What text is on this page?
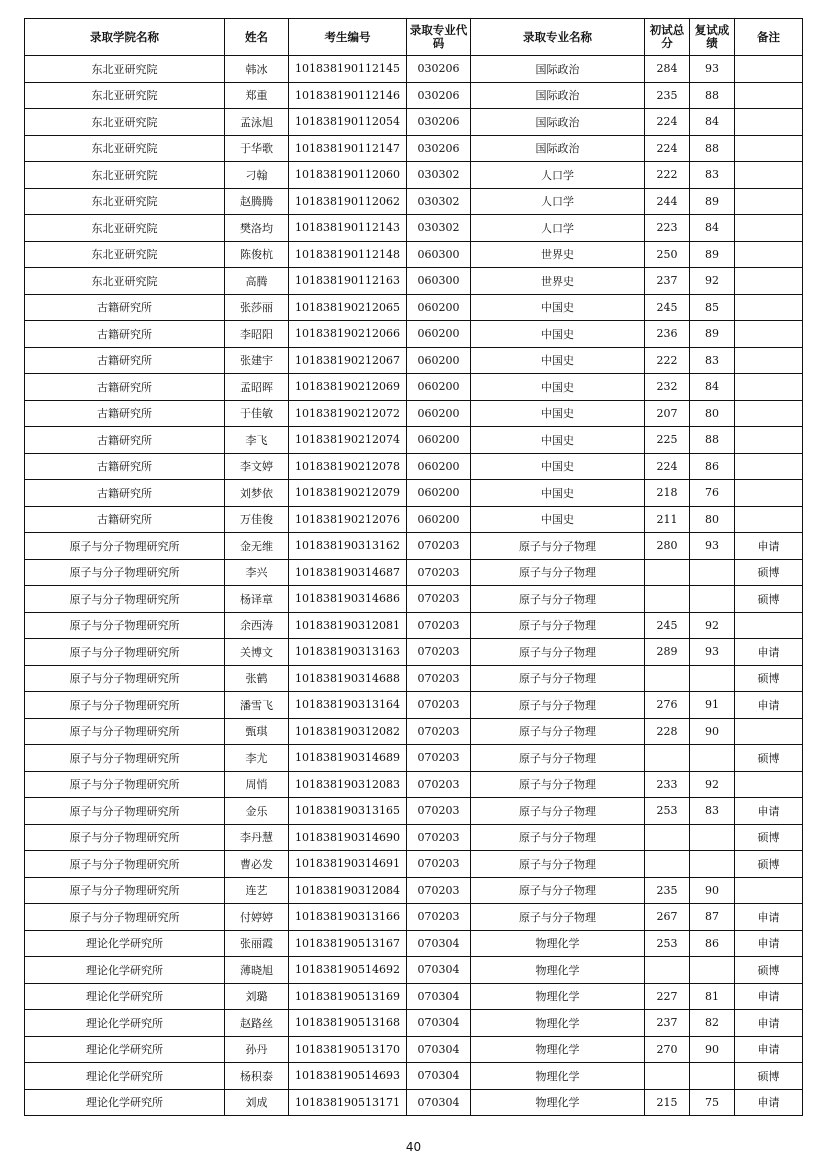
录取学院名称	姓名	考生编号	录取专业代码	录取专业名称	初试总分	复试成绩	备注
东北亚研究院	韩冰	101838190112145	030206	国际政治	284	93	
东北亚研究院	郑重	101838190112146	030206	国际政治	235	88	
东北亚研究院	孟泳旭	101838190112054	030206	国际政治	224	84	
东北亚研究院	于华歌	101838190112147	030206	国际政治	224	88	
东北亚研究院	刁翰	101838190112060	030302	人口学	222	83	
东北亚研究院	赵腾腾	101838190112062	030302	人口学	244	89	
东北亚研究院	樊洛均	101838190112143	030302	人口学	223	84	
东北亚研究院	陈俊杭	101838190112148	060300	世界史	250	89	
东北亚研究院	高腾	101838190112163	060300	世界史	237	92	
古籍研究所	张莎丽	101838190212065	060200	中国史	245	85	
古籍研究所	李昭阳	101838190212066	060200	中国史	236	89	
古籍研究所	张建宇	101838190212067	060200	中国史	222	83	
古籍研究所	孟昭晖	101838190212069	060200	中国史	232	84	
古籍研究所	于佳敏	101838190212072	060200	中国史	207	80	
古籍研究所	李飞	101838190212074	060200	中国史	225	88	
古籍研究所	李文婷	101838190212078	060200	中国史	224	86	
古籍研究所	刘梦依	101838190212079	060200	中国史	218	76	
古籍研究所	万佳俊	101838190212076	060200	中国史	211	80	
原子与分子物理研究所	金无维	101838190313162	070203	原子与分子物理	280	93	申请
原子与分子物理研究所	李兴	101838190314687	070203	原子与分子物理			硕博
原子与分子物理研究所	杨译章	101838190314686	070203	原子与分子物理			硕博
原子与分子物理研究所	余西涛	101838190312081	070203	原子与分子物理	245	92	
原子与分子物理研究所	关博文	101838190313163	070203	原子与分子物理	289	93	申请
原子与分子物理研究所	张鹤	101838190314688	070203	原子与分子物理			硕博
原子与分子物理研究所	潘雪飞	101838190313164	070203	原子与分子物理	276	91	申请
原子与分子物理研究所	甄琪	101838190312082	070203	原子与分子物理	228	90	
原子与分子物理研究所	李尤	101838190314689	070203	原子与分子物理			硕博
原子与分子物理研究所	周悄	101838190312083	070203	原子与分子物理	233	92	
原子与分子物理研究所	金乐	101838190313165	070203	原子与分子物理	253	83	申请
原子与分子物理研究所	李丹慧	101838190314690	070203	原子与分子物理			硕博
原子与分子物理研究所	曹必发	101838190314691	070203	原子与分子物理			硕博
原子与分子物理研究所	连艺	101838190312084	070203	原子与分子物理	235	90	
原子与分子物理研究所	付婷婷	101838190313166	070203	原子与分子物理	267	87	申请
理论化学研究所	张丽霞	101838190513167	070304	物理化学	253	86	申请
理论化学研究所	薄晓旭	101838190514692	070304	物理化学			硕博
理论化学研究所	刘璐	101838190513169	070304	物理化学	227	81	申请
理论化学研究所	赵路丝	101838190513168	070304	物理化学	237	82	申请
理论化学研究所	孙丹	101838190513170	070304	物理化学	270	90	申请
理论化学研究所	杨积泰	101838190514693	070304	物理化学			硕博
理论化学研究所	刘成	101838190513171	070304	物理化学	215	75	申请
40
